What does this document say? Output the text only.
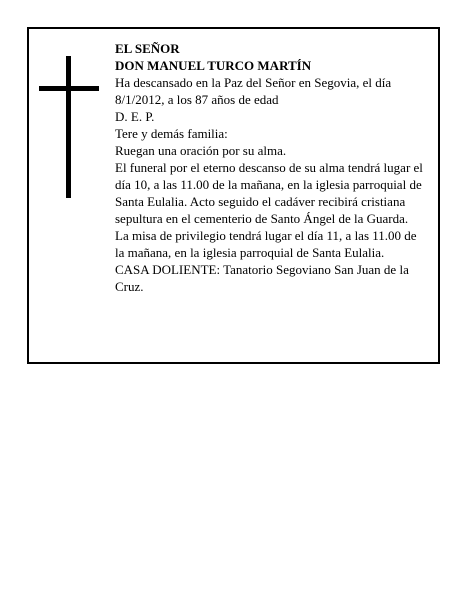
EL SEÑOR

DON MANUEL TURCO MARTÍN

Ha descansado en la Paz del Señor en Segovia, el día 8/1/2012, a los 87 años de edad

D. E. P.

Tere y demás familia:

Ruegan una oración por su alma.

El funeral por el eterno descanso de su alma tendrá lugar el día 10, a las 11.00 de la mañana, en la iglesia parroquial de Santa Eulalia. Acto seguido el cadáver recibirá cristiana sepultura en el cementerio de Santo Ángel de la Guarda.

La misa de privilegio tendrá lugar el día 11, a las 11.00 de la mañana, en la iglesia parroquial de Santa Eulalia.

CASA DOLIENTE: Tanatorio Segoviano San Juan de la Cruz.
